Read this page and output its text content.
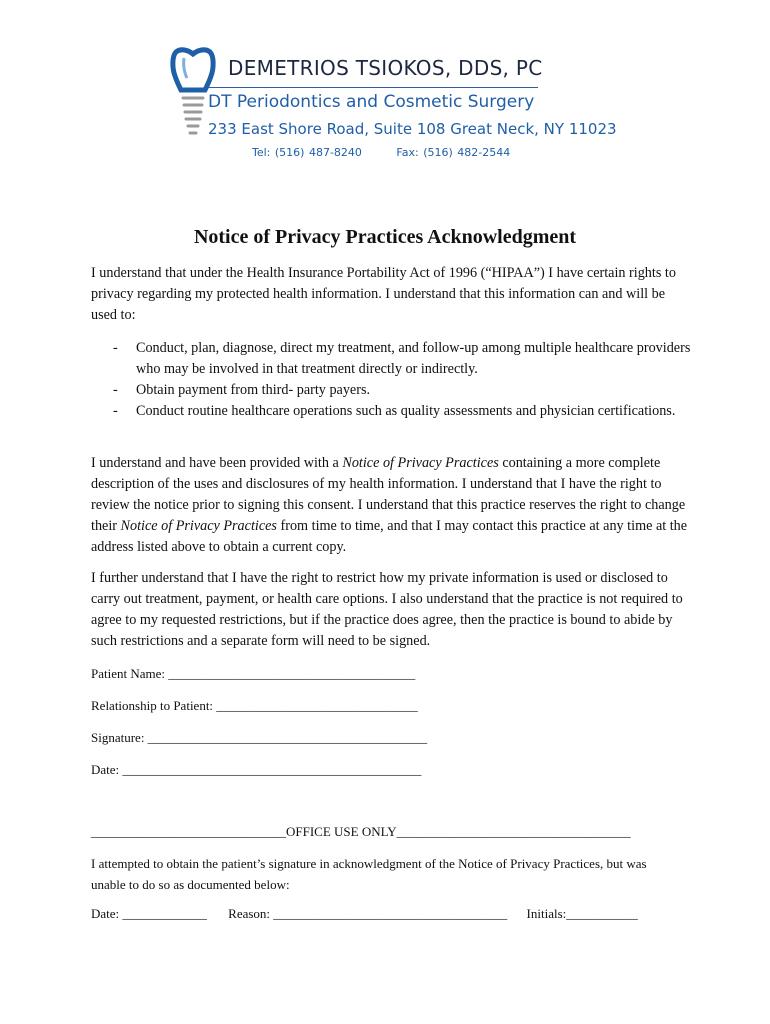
DEMETRIOS TSIOKOS, DDS, PC
DT Periodontics and Cosmetic Surgery
233 East Shore Road, Suite 108 Great Neck, NY 11023
Tel: (516) 487-8240	Fax: (516) 482-2544
Notice of Privacy Practices Acknowledgment

I understand that under the Health Insurance Portability Act of 1996 (“HIPAA”) I have certain rights to privacy regarding my protected health information. I understand that this information can and will be used to:

- Conduct, plan, diagnose, direct my treatment, and follow-up among multiple healthcare providers who may be involved in that treatment directly or indirectly.
- Obtain payment from third- party payers.
- Conduct routine healthcare operations such as quality assessments and physician certifications.

I understand and have been provided with a Notice of Privacy Practices containing a more complete description of the uses and disclosures of my health information. I understand that I have the right to review the notice prior to signing this consent. I understand that this practice reserves the right to change their Notice of Privacy Practices from time to time, and that I may contact this practice at any time at the address listed above to obtain a current copy.

I further understand that I have the right to restrict how my private information is used or disclosed to carry out treatment, payment, or health care options. I also understand that the practice is not required to agree to my requested restrictions, but if the practice does agree, then the practice is bound to abide by such restrictions and a separate form will need to be signed.

Patient Name: ______________________________________
Relationship to Patient: _______________________________
Signature: ___________________________________________
Date: ______________________________________________
______________________________OFFICE USE ONLY____________________________________

I attempted to obtain the patient’s signature in acknowledgment of the Notice of Privacy Practices, but was unable to do so as documented below:

Date: _____________ Reason: ____________________________________ Initials:___________
